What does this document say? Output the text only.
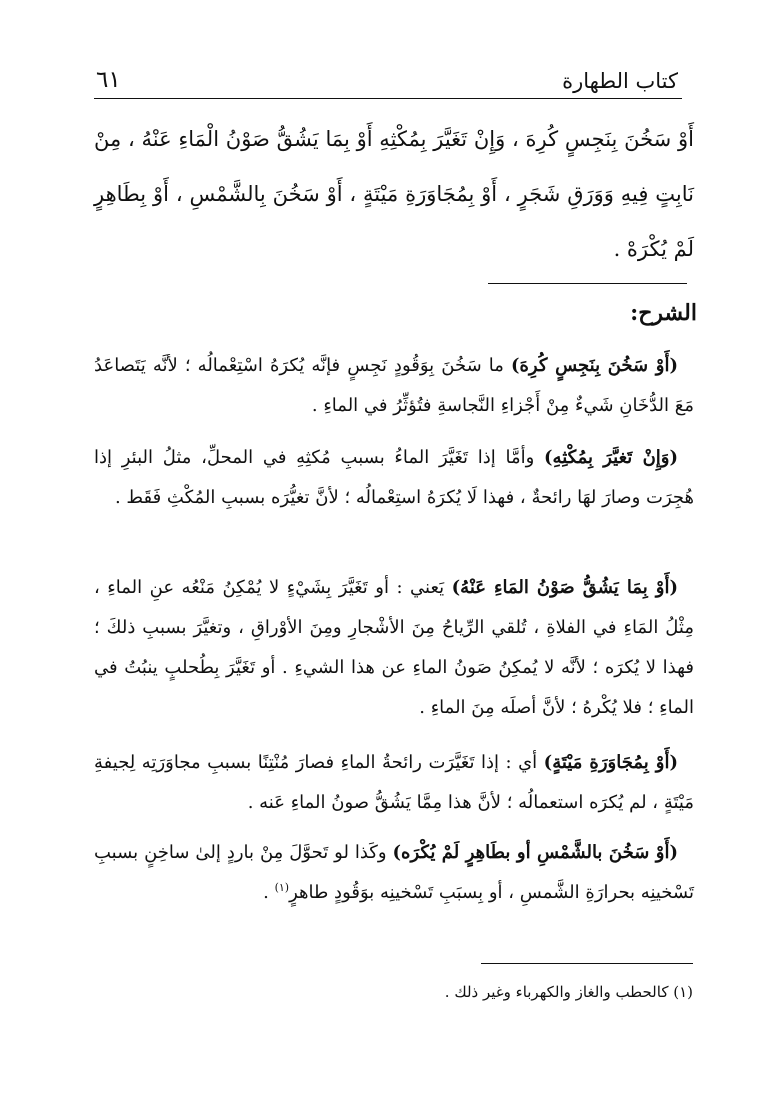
كتاب الطهارة
٦١

أَوْ سَخُنَ بِنَجِسٍ كُرِهَ ، وَإِنْ تَغَيَّرَ بِمُكْثِهِ أَوْ بِمَا يَشُقُّ صَوْنُ الْمَاءِ عَنْهُ ، مِنْ نَابِتٍ فِيهِ وَوَرَقِ شَجَرٍ ، أَوْ بِمُجَاوَرَةِ مَيْتَةٍ ، أَوْ سَخُنَ بِالشَّمْسِ ، أَوْ بِطَاهِرٍ لَمْ يُكْرَهْ .

الشرح:

(أَوْ سَخُنَ بِنَجِسٍ كُرِهَ) ما سَخُنَ بِوَقُودٍ نَجِسٍ فإنَّه يُكرَهُ اسْتِعْمالُه ؛ لأنَّه يَتَصاعَدُ مَعَ الدُّخَانِ شَيءٌ مِنْ أَجْزاءِ النَّجاسةِ فتُؤثِّرُ في الماءِ .

(وَإِنْ تَغيَّرَ بِمُكْثِهِ) وأمَّا إذا تَغَيَّرَ الماءُ بسببِ مُكثِهِ في المحلِّ، مثلُ البئرِ إذا هُجِرَت وصارَ لهَا رائحةٌ ، فهذا لَا يُكرَهُ استِعْمالُه ؛ لأنَّ تغيُّرَه بسببِ المُكْثِ فَقَط .

(أَوْ بِمَا يَشُقُّ صَوْنُ المَاءِ عَنْهُ) يَعني : أو تَغَيَّرَ بِشَيْءٍ لا يُمْكِنُ مَنْعُه عنِ الماءِ ، مِثْلُ المَاءِ في الفلاةِ ، تُلقي الرِّياحُ مِنَ الأشْجارِ ومِنَ الأوْراقِ ، وتغيَّرَ بسببِ ذلكَ ؛ فهذا لا يُكرَه ؛ لأنَّه لا يُمكِنُ صَونُ الماءِ عن هذا الشيءِ . أو تَغَيَّرَ بِطُحلبٍ ينبُتُ في الماءِ ؛ فلا يُكْرهُ ؛ لأنَّ أصلَه مِنَ الماءِ .

(أَوْ بِمُجَاوَرَةِ مَيْتَةٍ) أي : إذا تَغَيَّرَت رائحةُ الماءِ فصارَ مُنْتِنًا بسببِ مجاوَرَتِه لِجيفةِ مَيْتَةٍ ، لم يُكرَه استعمالُه ؛ لأنَّ هذا مِمَّا يَشُقُّ صونُ الماءِ عَنه .

(أَوْ سَخُنَ بالشَّمْسِ أو بطَاهِرٍ لَمْ يُكْرَه) وكَذا لو تَحوَّلَ مِنْ باردٍ إلىٰ ساخِنٍ بسببِ تَسْخينِه بحرارَةِ الشَّمسِ ، أو بِسبَبِ تَسْخينِه بوَقُودٍ طاهرٍ$^{(١)}$ .

(١) كالحطب والغاز والكهرباء وغير ذلك .
